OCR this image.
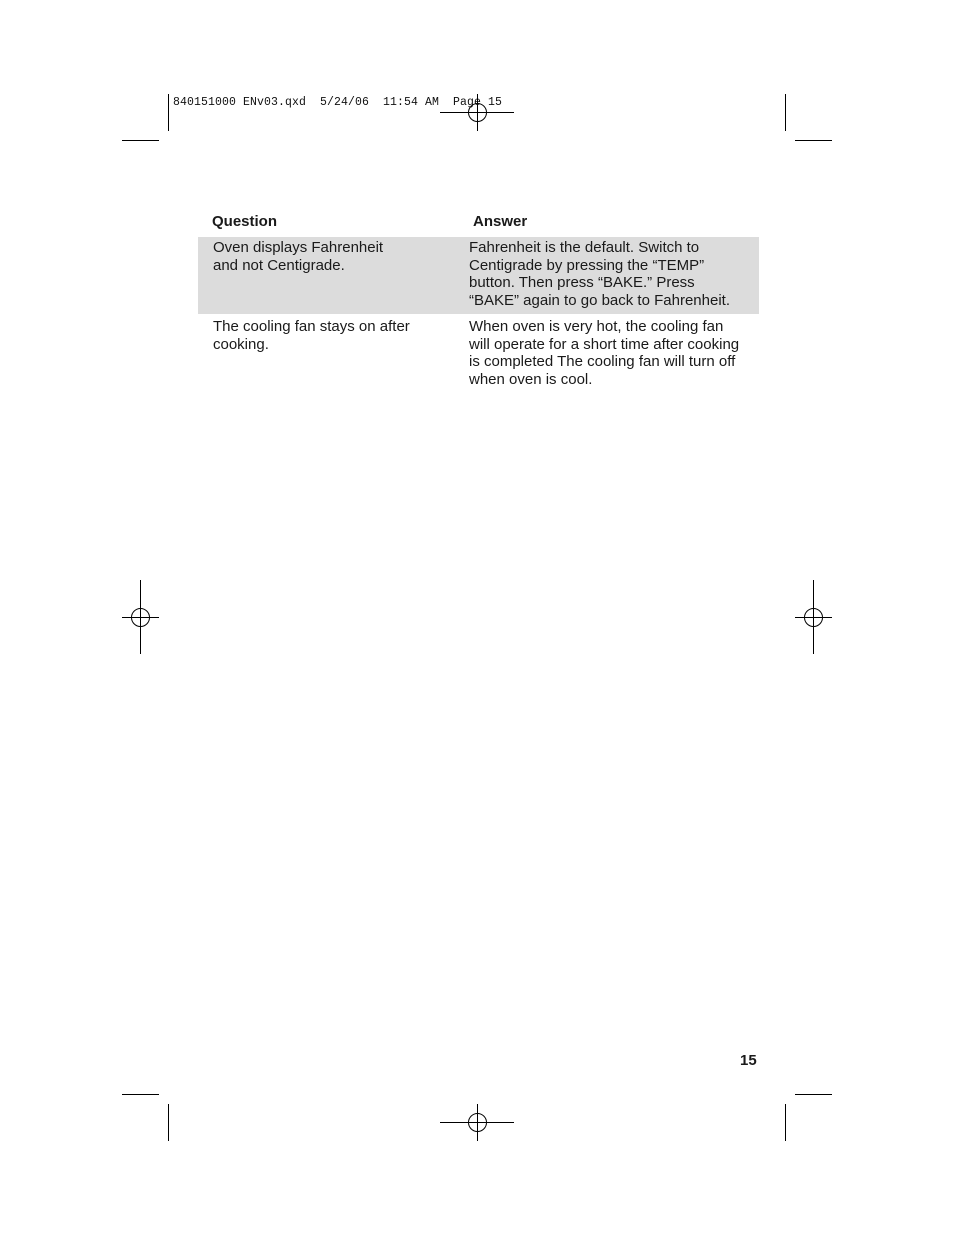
840151000 ENv03.qxd  5/24/06  11:54 AM  Page 15
Question	Answer
Oven displays Fahrenheit
and not Centigrade.
Fahrenheit is the default. Switch to
Centigrade by pressing the “TEMP”
button. Then press “BAKE.” Press
“BAKE” again to go back to Fahrenheit.
The cooling fan stays on after
cooking.
When oven is very hot, the cooling fan
will operate for a short time after cooking
is completed The cooling fan will turn off
when oven is cool.
15
